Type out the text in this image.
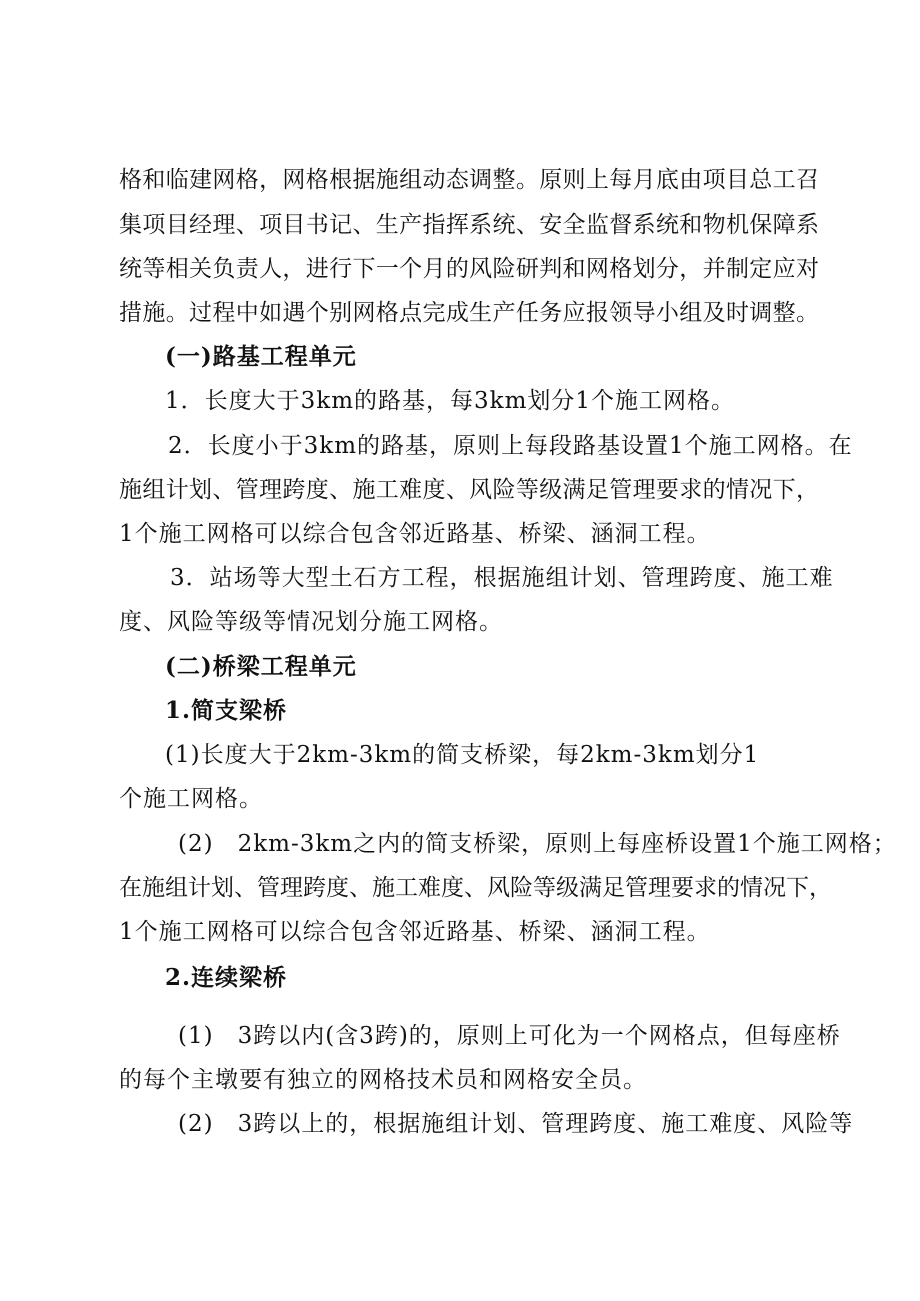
格和临建网格，网格根据施组动态调整。原则上每月底由项目总工召
集项目经理、项目书记、生产指挥系统、安全监督系统和物机保障系
统等相关负责人，进行下一个月的风险研判和网格划分，并制定应对
措施。过程中如遇个别网格点完成生产任务应报领导小组及时调整。
(一)路基工程单元
1．长度大于3km的路基，每3km划分1个施工网格。
2．长度小于3km的路基，原则上每段路基设置1个施工网格。在
施组计划、管理跨度、施工难度、风险等级满足管理要求的情况下，
1个施工网格可以综合包含邻近路基、桥梁、涵洞工程。
3．站场等大型土石方工程，根据施组计划、管理跨度、施工难
度、风险等级等情况划分施工网格。
(二)桥梁工程单元
1.简支梁桥
(1)长度大于2km-3km的简支桥梁，每2km-3km划分1
个施工网格。
(2)　2km-3km之内的简支桥梁，原则上每座桥设置1个施工网格；
在施组计划、管理跨度、施工难度、风险等级满足管理要求的情况下，
1个施工网格可以综合包含邻近路基、桥梁、涵洞工程。
2.连续梁桥
(1)　3跨以内(含3跨)的，原则上可化为一个网格点，但每座桥
的每个主墩要有独立的网格技术员和网格安全员。
(2)　3跨以上的，根据施组计划、管理跨度、施工难度、风险等
